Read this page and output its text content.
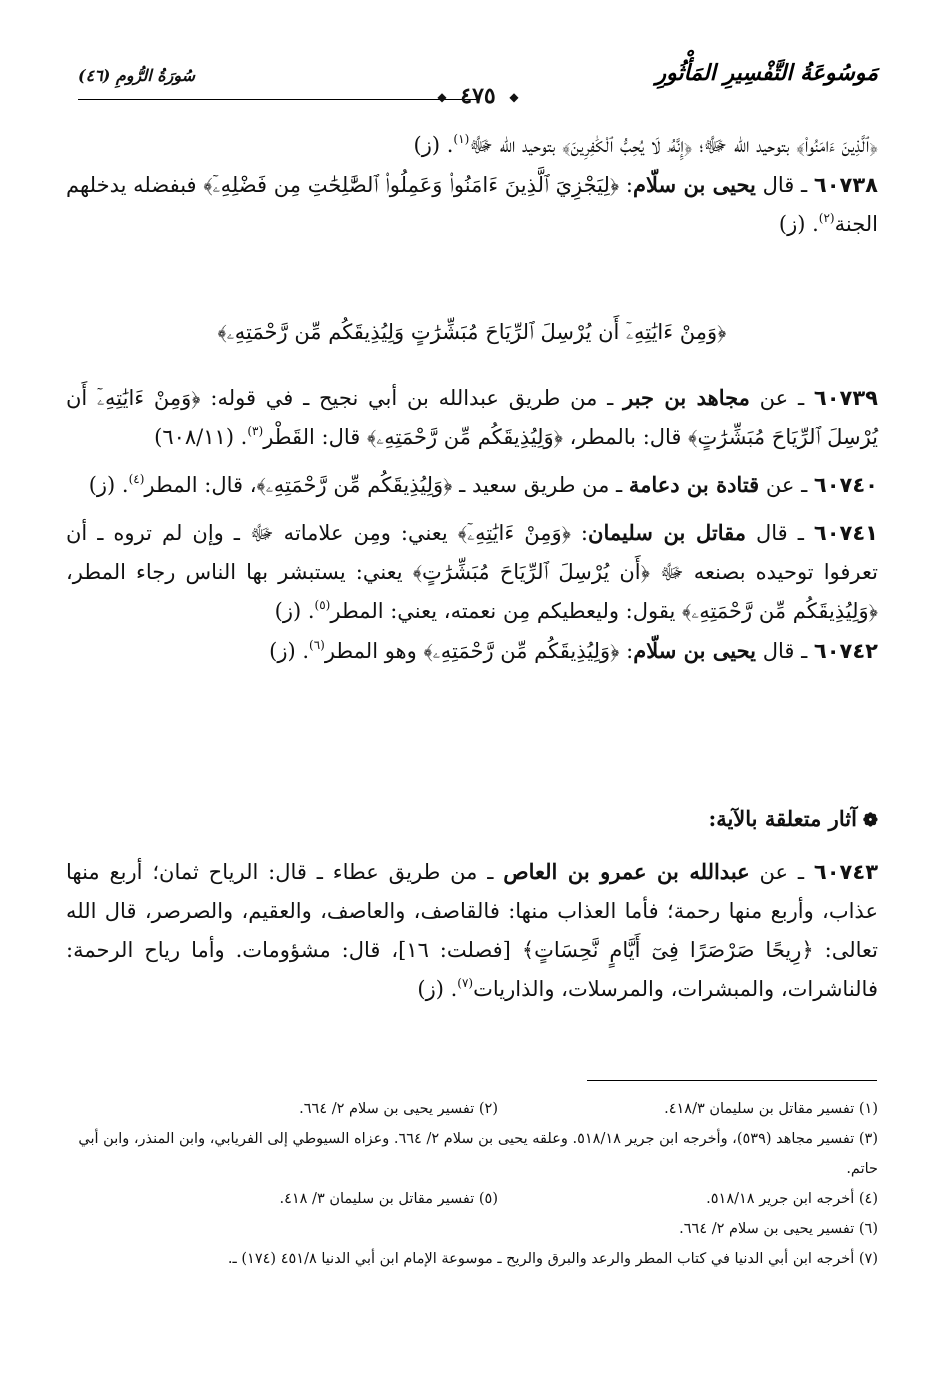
مَوسُوعَةُ التَّفْسِيرِ المَأْثُورِ
سُورَةُ الرُّومِ (٤٦)
◆ ٤٧٥ ◆

﴿ٱلَّذِينَ ءَامَنُوا۟﴾ بتوحيد الله ﷻ؛ ﴿إِنَّهُۥ لَا يُحِبُّ ٱلْكَٰفِرِينَ﴾ بتوحيد الله ﷻ$^{(١)}$. (ز)

٦٠٧٣٨ ـ قال يحيى بن سلّام: ﴿لِيَجْزِيَ ٱلَّذِينَ ءَامَنُوا۟ وَعَمِلُوا۟ ٱلصَّٰلِحَٰتِ مِن فَضْلِهِۦٓ﴾ فبفضله يدخلهم الجنة$^{(٢)}$. (ز)

﴿وَمِنْ ءَايَٰتِهِۦٓ أَن يُرْسِلَ ٱلرِّيَاحَ مُبَشِّرَٰتٍ وَلِيُذِيقَكُم مِّن رَّحْمَتِهِۦ﴾

٦٠٧٣٩ ـ عن مجاهد بن جبر ـ من طريق عبدالله بن أبي نجيح ـ في قوله: ﴿وَمِنْ ءَايَٰتِهِۦٓ أَن يُرْسِلَ ٱلرِّيَاحَ مُبَشِّرَٰتٍ﴾ قال: بالمطر، ﴿وَلِيُذِيقَكُم مِّن رَّحْمَتِهِۦ﴾ قال: القَطْر$^{(٣)}$. (٦٠٨/١١)

٦٠٧٤٠ ـ عن قتادة بن دعامة ـ من طريق سعيد ـ ﴿وَلِيُذِيقَكُم مِّن رَّحْمَتِهِۦ﴾، قال: المطر$^{(٤)}$. (ز)

٦٠٧٤١ ـ قال مقاتل بن سليمان: ﴿وَمِنْ ءَايَٰتِهِۦٓ﴾ يعني: ومِن علاماته ﷻ ـ وإن لم تروه ـ أن تعرفوا توحيده بصنعه ﷻ ﴿أَن يُرْسِلَ ٱلرِّيَاحَ مُبَشِّرَٰتٍ﴾ يعني: يستبشر بها الناس رجاء المطر، ﴿وَلِيُذِيقَكُم مِّن رَّحْمَتِهِۦ﴾ يقول: وليعطيكم مِن نعمته، يعني: المطر$^{(٥)}$. (ز)

٦٠٧٤٢ ـ قال يحيى بن سلّام: ﴿وَلِيُذِيقَكُم مِّن رَّحْمَتِهِۦ﴾ وهو المطر$^{(٦)}$. (ز)

❁آثار متعلقة بالآية:

٦٠٧٤٣ ـ عن عبدالله بن عمرو بن العاص ـ من طريق عطاء ـ قال: الرياح ثمان؛ أربع منها عذاب، وأربع منها رحمة؛ فأما العذاب منها: فالقاصف، والعاصف، والعقيم، والصرصر، قال الله تعالى: ﴿رِيحًا صَرْصَرًا فِىٓ أَيَّامٍ نَّحِسَاتٍ﴾ [فصلت: ١٦]، قال: مشؤومات. وأما رياح الرحمة: فالناشرات، والمبشرات، والمرسلات، والذاريات$^{(٧)}$. (ز)

(١) تفسير مقاتل بن سليمان ٤١٨/٣.
(٢) تفسير يحيى بن سلام ٢/ ٦٦٤.

(٣) تفسير مجاهد (٥٣٩)، وأخرجه ابن جرير ٥١٨/١٨. وعلقه يحيى بن سلام ٢/ ٦٦٤. وعزاه السيوطي إلى الفريابي، وابن المنذر، وابن أبي حاتم.

(٤) أخرجه ابن جرير ٥١٨/١٨.
(٥) تفسير مقاتل بن سليمان ٣/ ٤١٨.

(٦) تفسير يحيى بن سلام ٢/ ٦٦٤.

(٧) أخرجه ابن أبي الدنيا في كتاب المطر والرعد والبرق والريح ـ موسوعة الإمام ابن أبي الدنيا ٤٥١/٨ (١٧٤) ـ.
